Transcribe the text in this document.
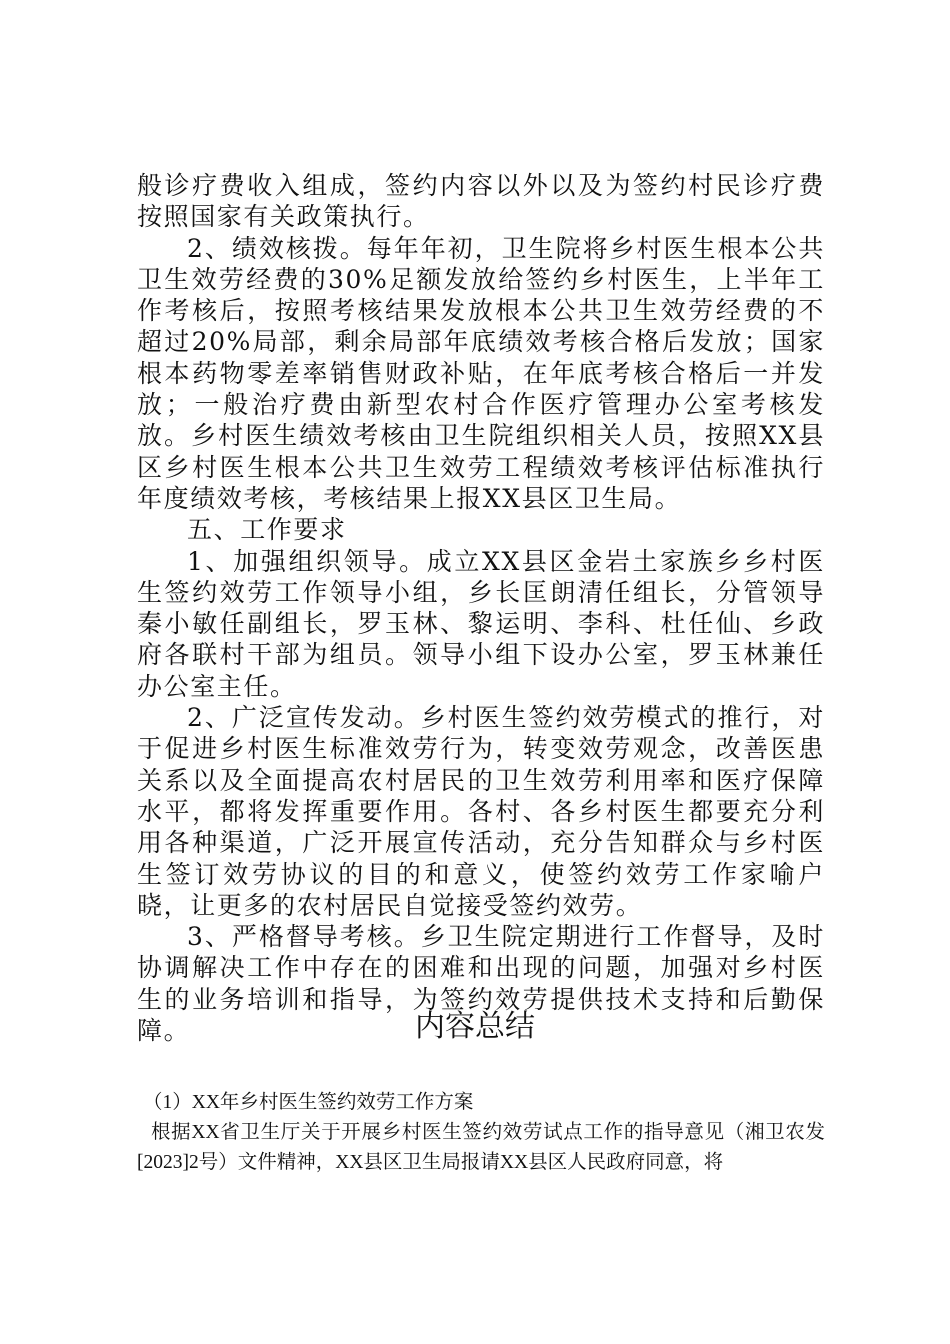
般诊疗费收入组成，签约内容以外以及为签约村民诊疗费按照国家有关政策执行。

2、绩效核拨。每年年初，卫生院将乡村医生根本公共卫生效劳经费的30%足额发放给签约乡村医生，上半年工作考核后，按照考核结果发放根本公共卫生效劳经费的不超过20%局部，剩余局部年底绩效考核合格后发放；国家根本药物零差率销售财政补贴，在年底考核合格后一并发放；一般治疗费由新型农村合作医疗管理办公室考核发放。乡村医生绩效考核由卫生院组织相关人员，按照XX县区乡村医生根本公共卫生效劳工程绩效考核评估标准执行年度绩效考核，考核结果上报XX县区卫生局。

五、工作要求

1、加强组织领导。成立XX县区金岩土家族乡乡村医生签约效劳工作领导小组，乡长匡朗清任组长，分管领导秦小敏任副组长，罗玉林、黎运明、李科、杜任仙、乡政府各联村干部为组员。领导小组下设办公室，罗玉林兼任办公室主任。

2、广泛宣传发动。乡村医生签约效劳模式的推行，对于促进乡村医生标准效劳行为，转变效劳观念，改善医患关系以及全面提高农村居民的卫生效劳利用率和医疗保障水平，都将发挥重要作用。各村、各乡村医生都要充分利用各种渠道，广泛开展宣传活动，充分告知群众与乡村医生签订效劳协议的目的和意义，使签约效劳工作家喻户晓，让更多的农村居民自觉接受签约效劳。

3、严格督导考核。乡卫生院定期进行工作督导，及时协调解决工作中存在的困难和出现的问题，加强对乡村医生的业务培训和指导，为签约效劳提供技术支持和后勤保障。	内容总结

（1）XX年乡村医生签约效劳工作方案

根据XX省卫生厅关于开展乡村医生签约效劳试点工作的指导意见（湘卫农发[2023]2号）文件精神，XX县区卫生局报请XX县区人民政府同意，将
